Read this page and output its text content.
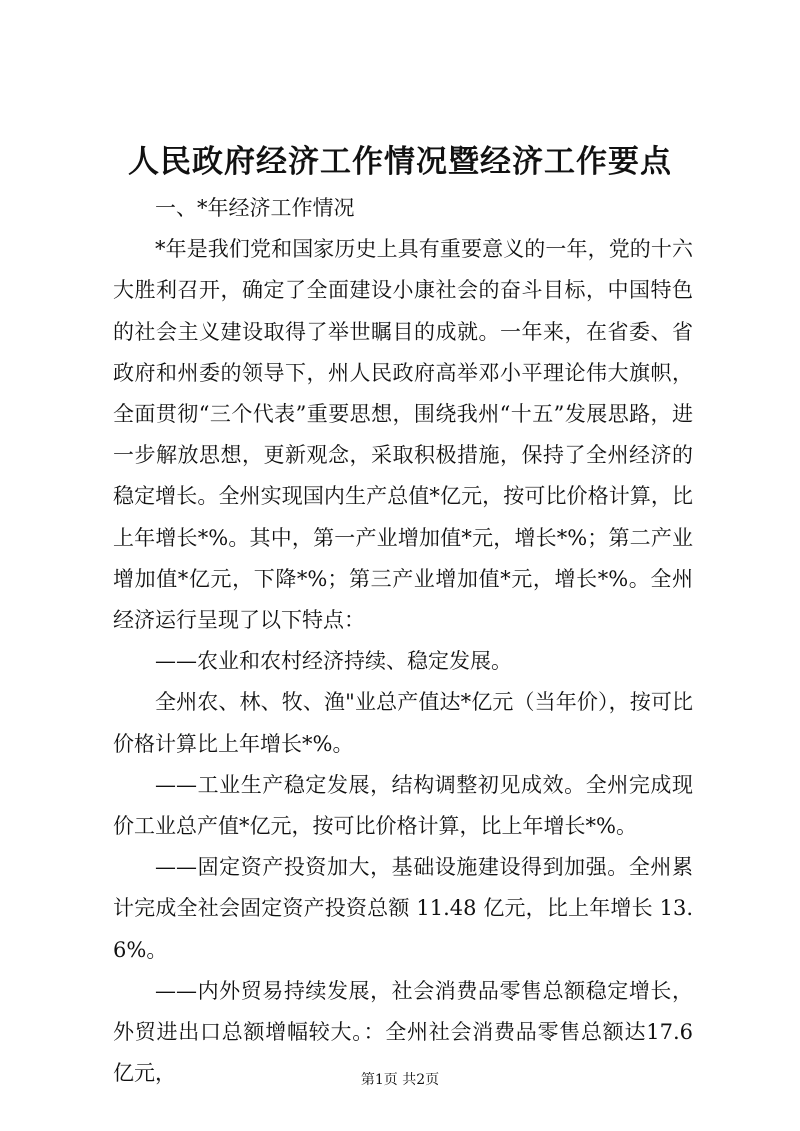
人民政府经济工作情况暨经济工作要点

一、*年经济工作情况

*年是我们党和国家历史上具有重要意义的一年，党的十六大胜利召开，确定了全面建设小康社会的奋斗目标，中国特色的社会主义建设取得了举世瞩目的成就。一年来，在省委、省政府和州委的领导下，州人民政府高举邓小平理论伟大旗帜，全面贯彻“三个代表”重要思想，围绕我州“十五”发展思路，进一步解放思想，更新观念，采取积极措施，保持了全州经济的稳定增长。全州实现国内生产总值*亿元，按可比价格计算，比上年增长*%。其中，第一产业增加值*元，增长*%；第二产业增加值*亿元，下降*%；第三产业增加值*元，增长*%。全州经济运行呈现了以下特点：

——农业和农村经济持续、稳定发展。

全州农、林、牧、渔"业总产值达*亿元（当年价），按可比价格计算比上年增长*%。

——工业生产稳定发展，结构调整初见成效。全州完成现价工业总产值*亿元，按可比价格计算，比上年增长*%。

——固定资产投资加大，基础设施建设得到加强。全州累计完成全社会固定资产投资总额 11.48 亿元，比上年增长 13.6%。

——内外贸易持续发展，社会消费品零售总额稳定增长，外贸进出口总额增幅较大。：全州社会消费品零售总额达17.6亿元，	第1页 共2页
